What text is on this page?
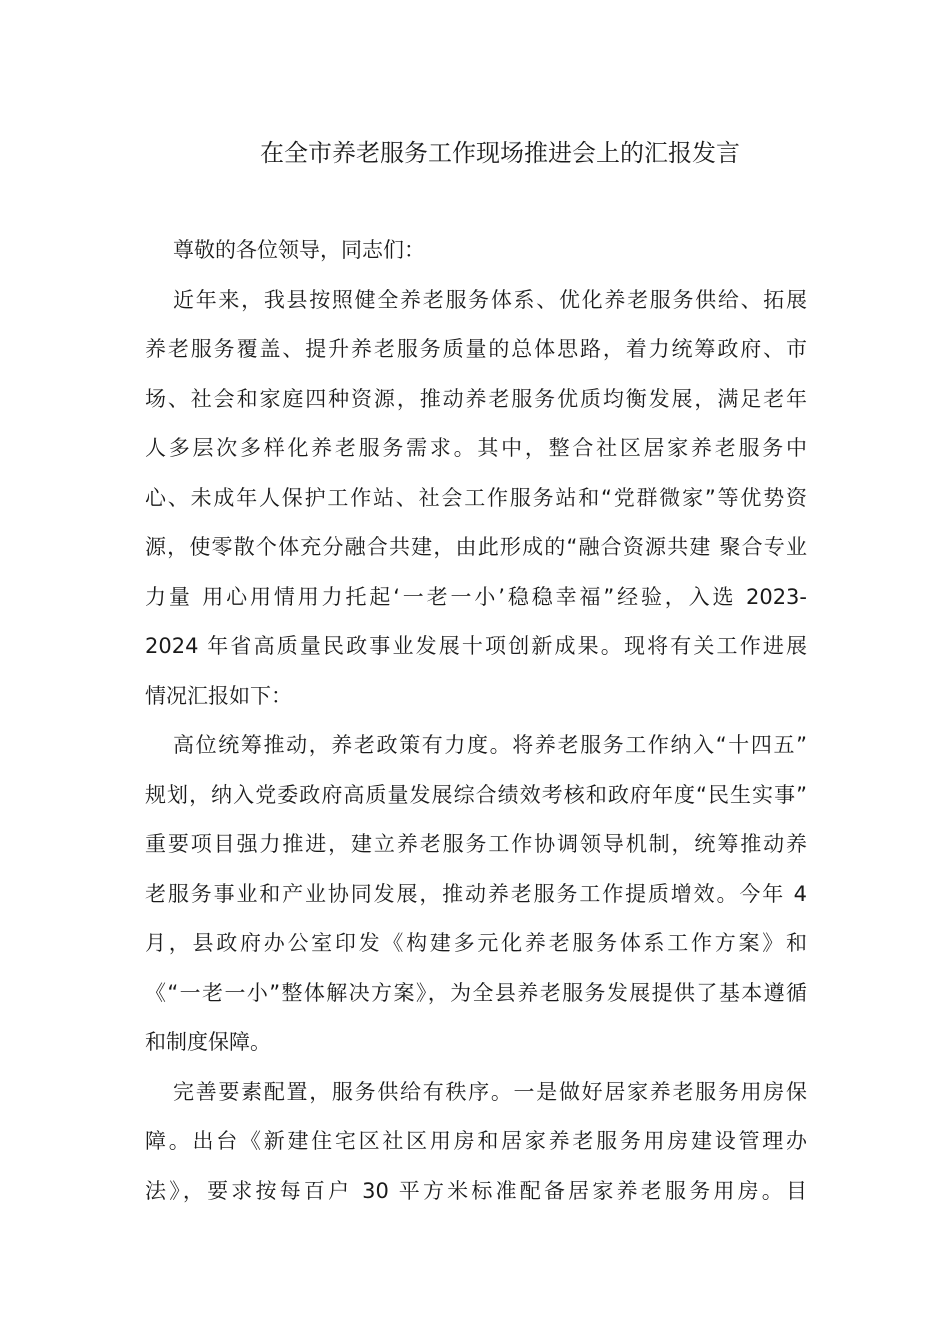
在全市养老服务工作现场推进会上的汇报发言
尊敬的各位领导，同志们：
近年来，我县按照健全养老服务体系、优化养老服务供给、拓展
养老服务覆盖、提升养老服务质量的总体思路，着力统筹政府、市
场、社会和家庭四种资源，推动养老服务优质均衡发展，满足老年
人多层次多样化养老服务需求。其中，整合社区居家养老服务中
心、未成年人保护工作站、社会工作服务站和“党群微家”等优势资
源，使零散个体充分融合共建，由此形成的“融合资源共建 聚合专业
力量 用心用情用力托起‘一老一小’稳稳幸福”经验，入选 2023-
2024 年省高质量民政事业发展十项创新成果。现将有关工作进展
情况汇报如下：
高位统筹推动，养老政策有力度。将养老服务工作纳入“十四五”
规划，纳入党委政府高质量发展综合绩效考核和政府年度“民生实事”
重要项目强力推进，建立养老服务工作协调领导机制，统筹推动养
老服务事业和产业协同发展，推动养老服务工作提质增效。今年 4
月，县政府办公室印发《构建多元化养老服务体系工作方案》和
《“一老一小”整体解决方案》，为全县养老服务发展提供了基本遵循
和制度保障。
完善要素配置，服务供给有秩序。一是做好居家养老服务用房保
障。出台《新建住宅区社区用房和居家养老服务用房建设管理办
法》，要求按每百户 30 平方米标准配备居家养老服务用房。目
